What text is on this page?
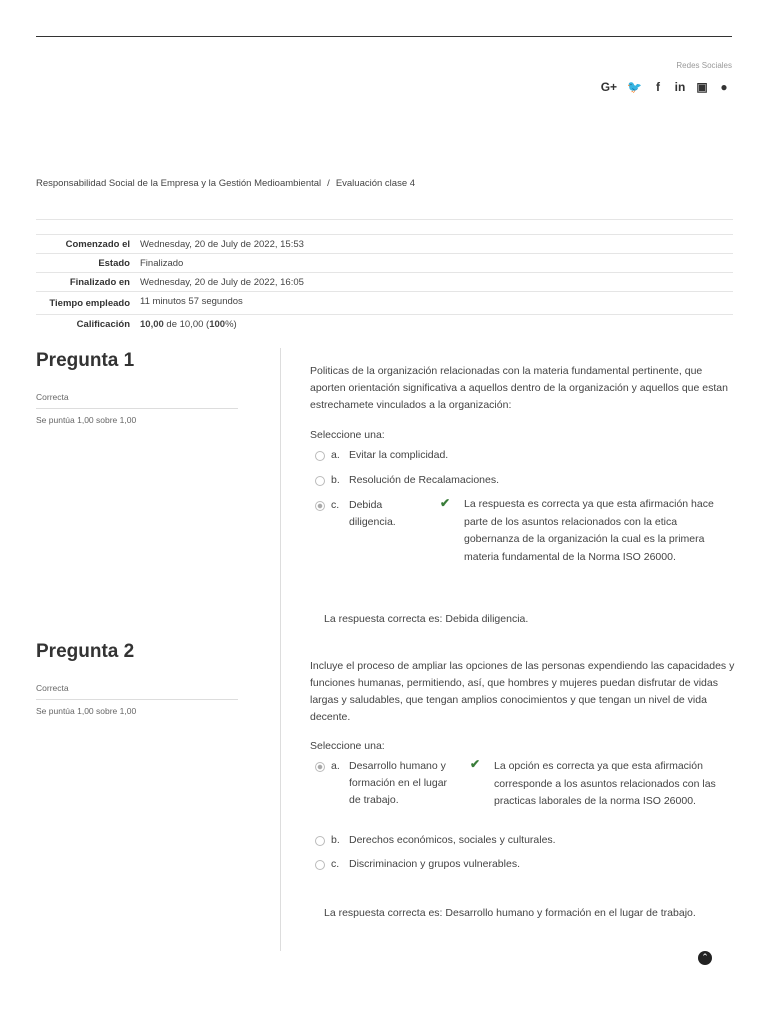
Redes Sociales
G+ 🐦	f	in ▣ ●
Responsabilidad Social de la Empresa y la Gestión Medioambiental / Evaluación clase 4
Comenzado el	Wednesday, 20 de July de 2022, 15:53
Estado	Finalizado
Finalizado en	Wednesday, 20 de July de 2022, 16:05
Tiempo empleado	11 minutos 57 segundos
Calificación	10,00 de 10,00 (100%)
Pregunta 1
Correcta
Se puntúa 1,00 sobre 1,00
Politicas de la organización relacionadas con la materia fundamental pertinente, que aporten orientación significativa a aquellos dentro de la organización y aquellos que estan estrechamete vinculados a la organización:
Seleccione una:
a. Evitar la complicidad.
b. Resolución de Recalamaciones.
c. Debida diligencia.
✔ La respuesta es correcta ya que esta afirmación hace parte de los asuntos relacionados con la etica gobernanza de la organización la cual es la primera materia fundamental de la Norma ISO 26000.
La respuesta correcta es: Debida diligencia.
Pregunta 2
Correcta
Se puntúa 1,00 sobre 1,00
Incluye el proceso de ampliar las opciones de las personas expendiendo las capacidades y funciones humanas, permitiendo, así, que hombres y mujeres puedan disfrutar de vidas largas y saludables, que tengan amplios conocimientos y que tengan un nivel de vida decente.
Seleccione una:
a. Desarrollo humano y formación en el lugar de trabajo.
✔ La opción es correcta ya que esta afirmación corresponde a los asuntos relacionados con las practicas laborales de la norma ISO 26000.
b. Derechos económicos, sociales y culturales.
c. Discriminacion y grupos vulnerables.
La respuesta correcta es: Desarrollo humano y formación en el lugar de trabajo.
⌃
